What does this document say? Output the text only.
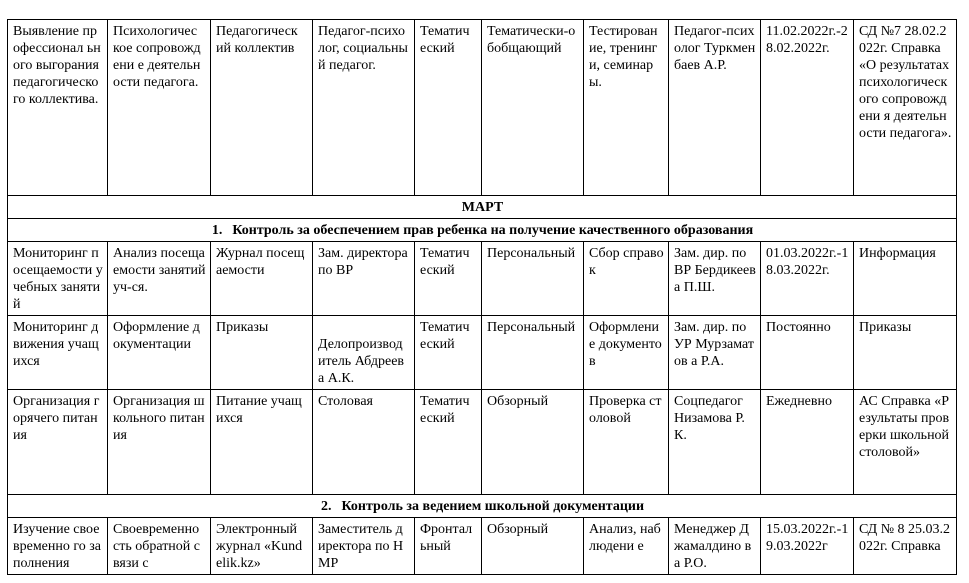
Выявление профессионал ьного выгорания педагогическо го коллектива.	Психологичес кое сопровождени е деятельности педагога.	Педагогическ ий коллектив	Педагог-психолог, социальный педагог.	Тематич еский	Тематически-обобщающий	Тестирован ие, тренинги, семинары.	Педагог-психолог Туркменбаев А.Р.	11.02.2022г.-28.02.2022г.	СД №7 28.02.2022г. Справка «О результатах психологическ ого сопровождени я деятельности педагога».
МАРТ									
1. Контроль за обеспечением прав ребенка на получение качественного образования									
Мониторинг посещаемости учебных занятий	Анализ посещаемости занятий уч-ся.	Журнал посещаемости	Зам. директора по ВР	Тематич еский	Персональный	Сбор справок	Зам. дир. по ВР Бердикеева П.Ш.	01.03.2022г.-18.03.2022г.	Информация
Мониторинг движения учащихся	Оформление документации	Приказы	Делопроизвод итель Абдреева А.К.	Тематич еский	Персональный	Оформлени е документов	Зам. дир. по УР Мурзаматов а Р.А.	Постоянно	Приказы
Организация горячего питания	Организация школьного питания	Питание учащихся	Столовая	Тематич еский	Обзорный	Проверка столовой	Соцпедагог Низамова Р.К.	Ежедневно	АС Справка «Результаты проверки школьной столовой»
2. Контроль за ведением школьной документации									
Изучение своевременно го заполнения	Своевременно сть обратной связи с	Электронный журнал «Kundelik.kz»	Заместитель директора по НМР	Фронтал ьный	Обзорный	Анализ, наблюдени е	Менеджер Джамалдино ва Р.О.	15.03.2022г.-19.03.2022г	СД № 8 25.03.2022г. Справка
